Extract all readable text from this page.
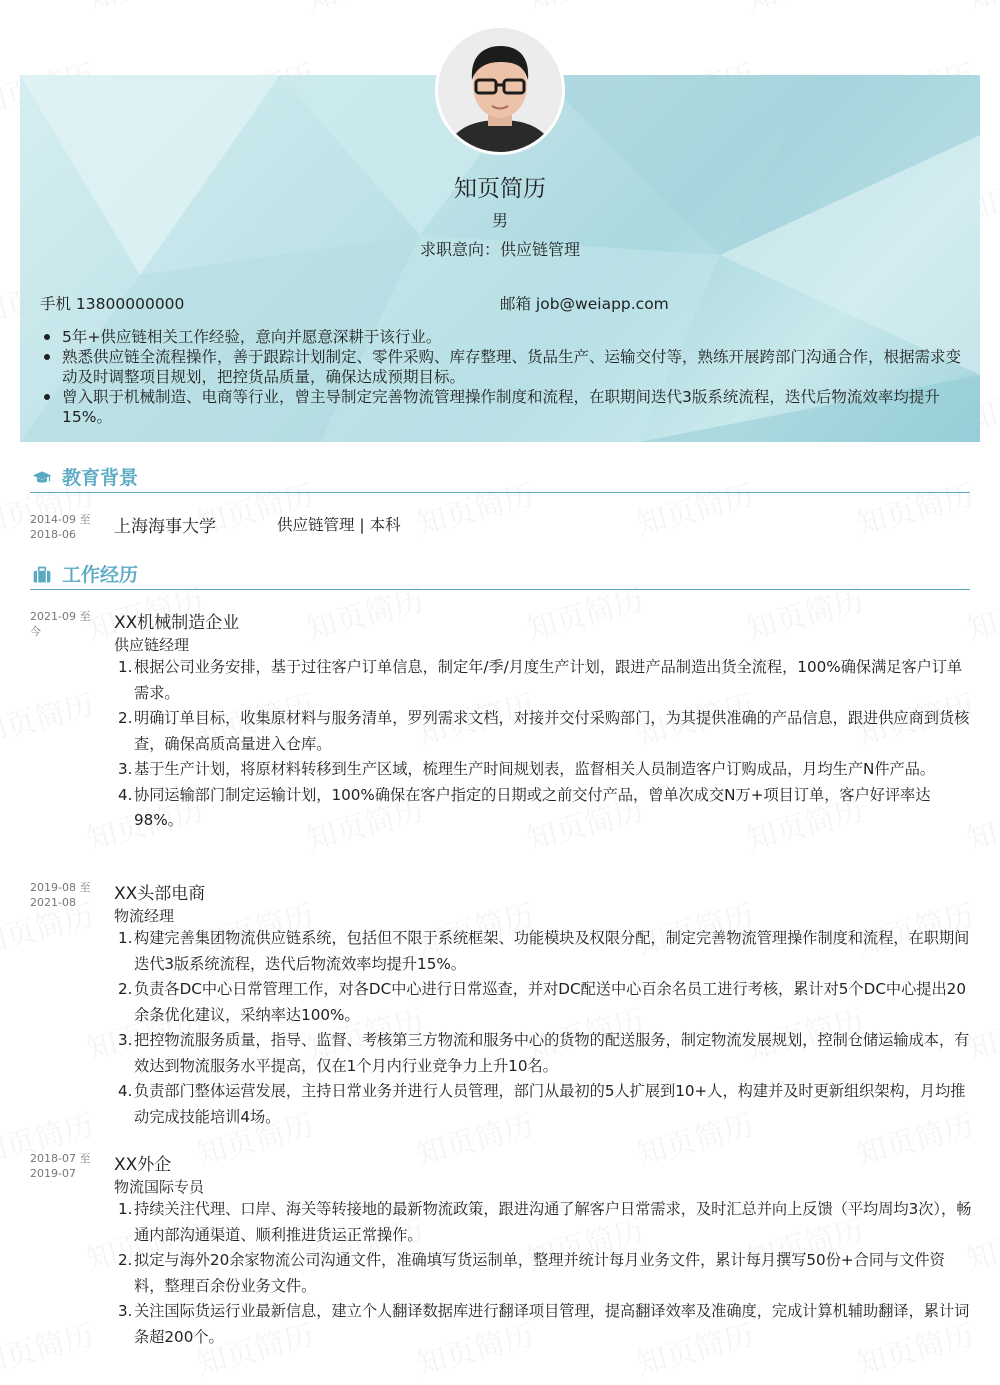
知页简历
男
求职意向：供应链管理
手机 13800000000	邮箱 job@weiapp.com
5年+供应链相关工作经验，意向并愿意深耕于该行业。
熟悉供应链全流程操作，善于跟踪计划制定、零件采购、库存整理、货品生产、运输交付等，熟练开展跨部门沟通合作，根据需求变动及时调整项目规划，把控货品质量，确保达成预期目标。
曾入职于机械制造、电商等行业，曾主导制定完善物流管理操作制度和流程，在职期间迭代3版系统流程，迭代后物流效率均提升15%。
教育背景
2014-09 至
2018-06	上海海事大学	供应链管理 | 本科
工作经历
2021-09 至今	XX机械制造企业
供应链经理
1. 根据公司业务安排，基于过往客户订单信息，制定年/季/月度生产计划，跟进产品制造出货全流程，100%确保满足客户订单需求。
2. 明确订单目标，收集原材料与服务清单，罗列需求文档，对接并交付采购部门，为其提供准确的产品信息，跟进供应商到货核查，确保高质高量进入仓库。
3. 基于生产计划，将原材料转移到生产区域，梳理生产时间规划表，监督相关人员制造客户订购成品，月均生产N件产品。
4. 协同运输部门制定运输计划，100%确保在客户指定的日期或之前交付产品，曾单次成交N万+项目订单，客户好评率达98%。
2019-08 至
2021-08	XX头部电商
物流经理
1. 构建完善集团物流供应链系统，包括但不限于系统框架、功能模块及权限分配，制定完善物流管理操作制度和流程，在职期间迭代3版系统流程，迭代后物流效率均提升15%。
2. 负责各DC中心日常管理工作，对各DC中心进行日常巡查，并对DC配送中心百余名员工进行考核，累计对5个DC中心提出20余条优化建议，采纳率达100%。
3. 把控物流服务质量，指导、监督、考核第三方物流和服务中心的货物的配送服务，制定物流发展规划，控制仓储运输成本，有效达到物流服务水平提高，仅在1个月内行业竞争力上升10名。
4. 负责部门整体运营发展，主持日常业务并进行人员管理，部门从最初的5人扩展到10+人，构建并及时更新组织架构，月均推动完成技能培训4场。
2018-07 至
2019-07	XX外企
物流国际专员
1. 持续关注代理、口岸、海关等转接地的最新物流政策，跟进沟通了解客户日常需求，及时汇总并向上反馈（平均周均3次），畅通内部沟通渠道、顺利推进货运正常操作。
2. 拟定与海外20余家物流公司沟通文件，准确填写货运制单，整理并统计每月业务文件，累计每月撰写50份+合同与文件资料，整理百余份业务文件。
3. 关注国际货运行业最新信息，建立个人翻译数据库进行翻译项目管理，提高翻译效率及准确度，完成计算机辅助翻译，累计词条超200个。
